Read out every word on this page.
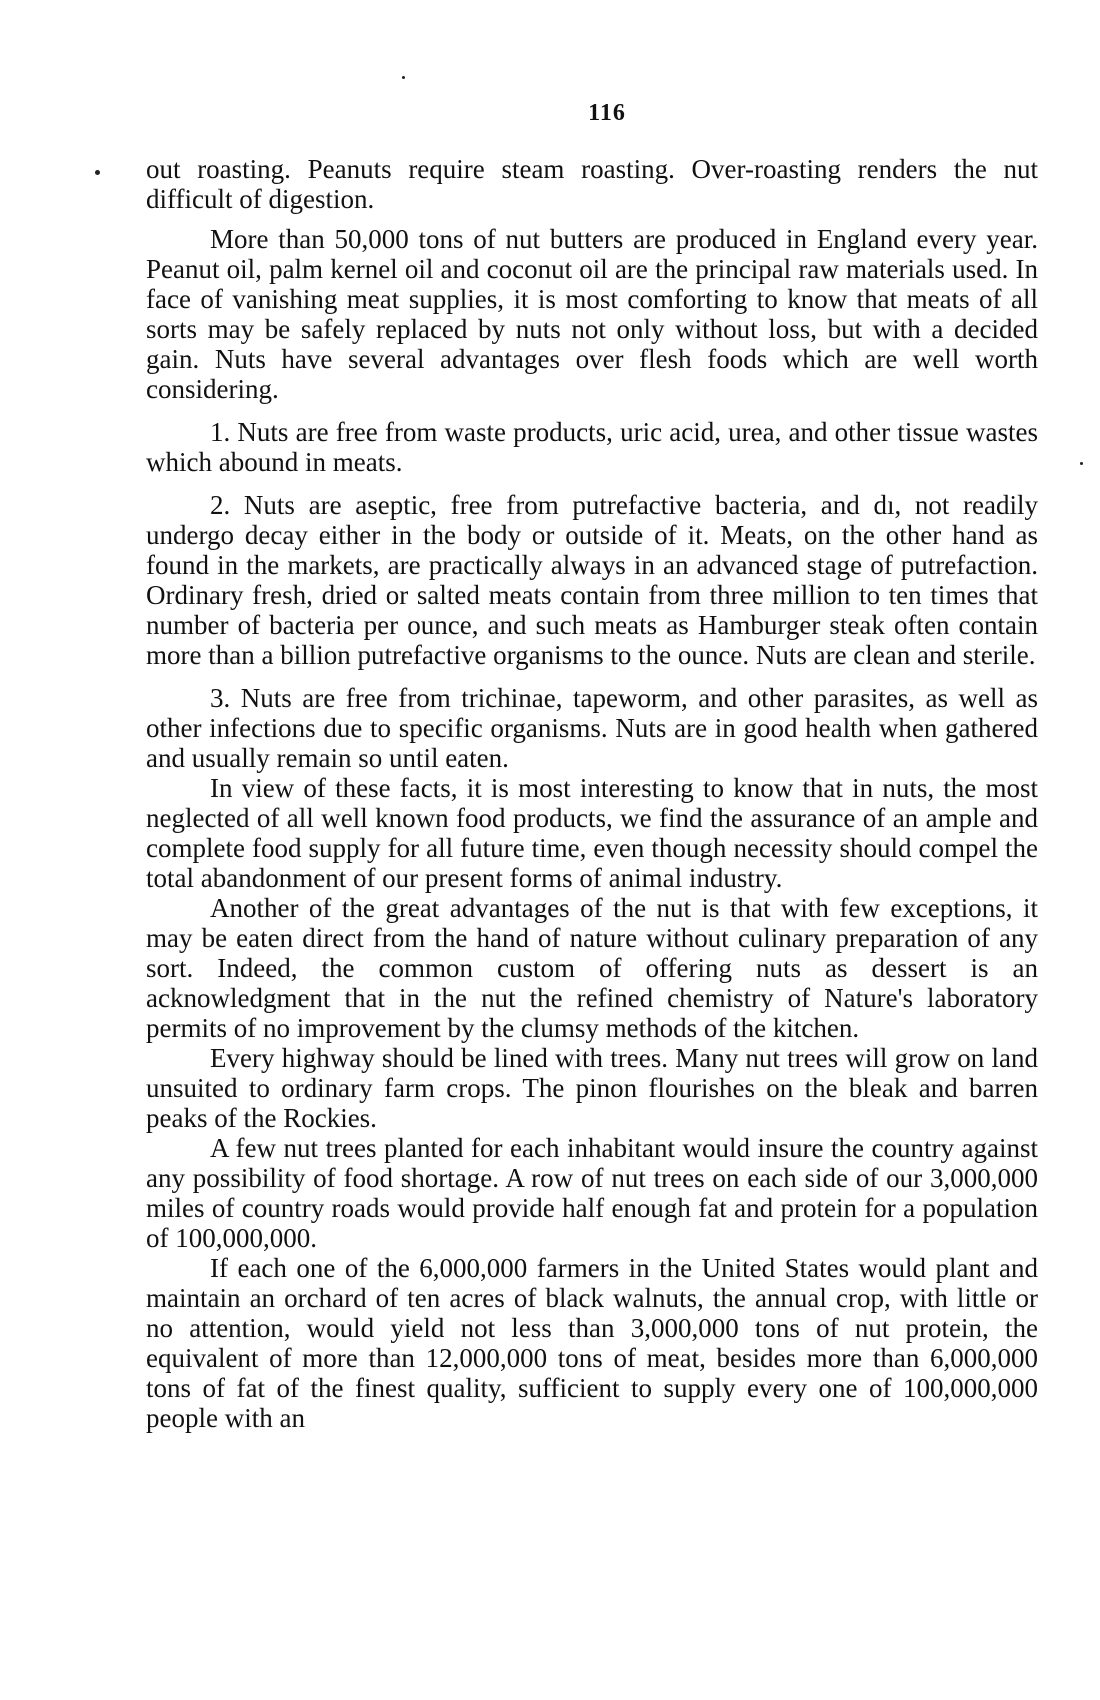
116

out roasting. Peanuts require steam roasting. Over-roasting renders the nut difficult of digestion.

More than 50,000 tons of nut butters are produced in England every year. Peanut oil, palm kernel oil and coconut oil are the principal raw materials used. In face of vanishing meat supplies, it is most comforting to know that meats of all sorts may be safely replaced by nuts not only without loss, but with a decided gain. Nuts have several advantages over flesh foods which are well worth considering.

1. Nuts are free from waste products, uric acid, urea, and other tissue wastes which abound in meats.

2. Nuts are aseptic, free from putrefactive bacteria, and dı, not readily undergo decay either in the body or outside of it. Meats, on the other hand as found in the markets, are practically always in an advanced stage of putrefaction. Ordinary fresh, dried or salted meats contain from three million to ten times that number of bacteria per ounce, and such meats as Hamburger steak often contain more than a billion putrefactive organisms to the ounce. Nuts are clean and sterile.

3. Nuts are free from trichinae, tapeworm, and other parasites, as well as other infections due to specific organisms. Nuts are in good health when gathered and usually remain so until eaten.

In view of these facts, it is most interesting to know that in nuts, the most neglected of all well known food products, we find the assurance of an ample and complete food supply for all future time, even though necessity should compel the total abandonment of our present forms of animal industry.

Another of the great advantages of the nut is that with few exceptions, it may be eaten direct from the hand of nature without culinary preparation of any sort. Indeed, the common custom of offering nuts as dessert is an acknowledgment that in the nut the refined chemistry of Nature's laboratory permits of no improvement by the clumsy methods of the kitchen.

Every highway should be lined with trees. Many nut trees will grow on land unsuited to ordinary farm crops. The pinon flourishes on the bleak and barren peaks of the Rockies.

A few nut trees planted for each inhabitant would insure the country against any possibility of food shortage. A row of nut trees on each side of our 3,000,000 miles of country roads would provide half enough fat and protein for a population of 100,000,000.

If each one of the 6,000,000 farmers in the United States would plant and maintain an orchard of ten acres of black walnuts, the annual crop, with little or no attention, would yield not less than 3,000,000 tons of nut protein, the equivalent of more than 12,000,000 tons of meat, besides more than 6,000,000 tons of fat of the finest quality, sufficient to supply every one of 100,000,000 people with an
